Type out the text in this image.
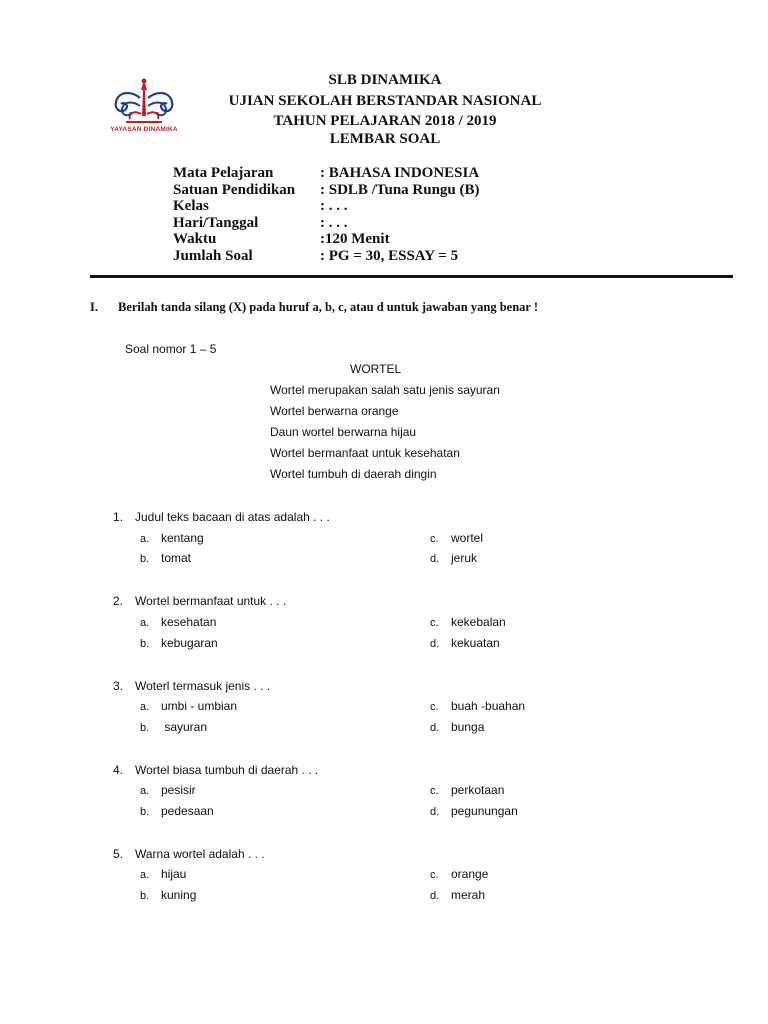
YAYASAN DINAMIKA
SLB DINAMIKA
UJIAN SEKOLAH BERSTANDAR NASIONAL
TAHUN PELAJARAN 2018 / 2019
LEMBAR SOAL
Mata Pelajaran	: BAHASA INDONESIA
Satuan Pendidikan	: SDLB /Tuna Rungu (B)
Kelas	: . . .
Hari/Tanggal	: . . .
Waktu	:120 Menit
Jumlah Soal	: PG = 30, ESSAY = 5
I. Berilah tanda silang (X) pada huruf a, b, c, atau d untuk jawaban yang benar !
Soal nomor 1 – 5
WORTEL
Wortel merupakan salah satu jenis sayuran
Wortel berwarna orange
Daun wortel berwarna hijau
Wortel bermanfaat untuk kesehatan
Wortel tumbuh di daerah dingin
1. Judul teks bacaan di atas adalah . . .
a. kentang
b. tomat
c. wortel
d. jeruk
2. Wortel bermanfaat untuk . . .
a. kesehatan
b. kebugaran
c. kekebalan
d. kekuatan
3. Woterl termasuk jenis . . .
a. umbi - umbian
b. sayuran
c. buah -buahan
d. bunga
4. Wortel biasa tumbuh di daerah . . .
a. pesisir
b. pedesaan
c. perkotaan
d. pegunungan
5. Warna wortel adalah . . .
a. hijau
b. kuning
c. orange
d. merah
